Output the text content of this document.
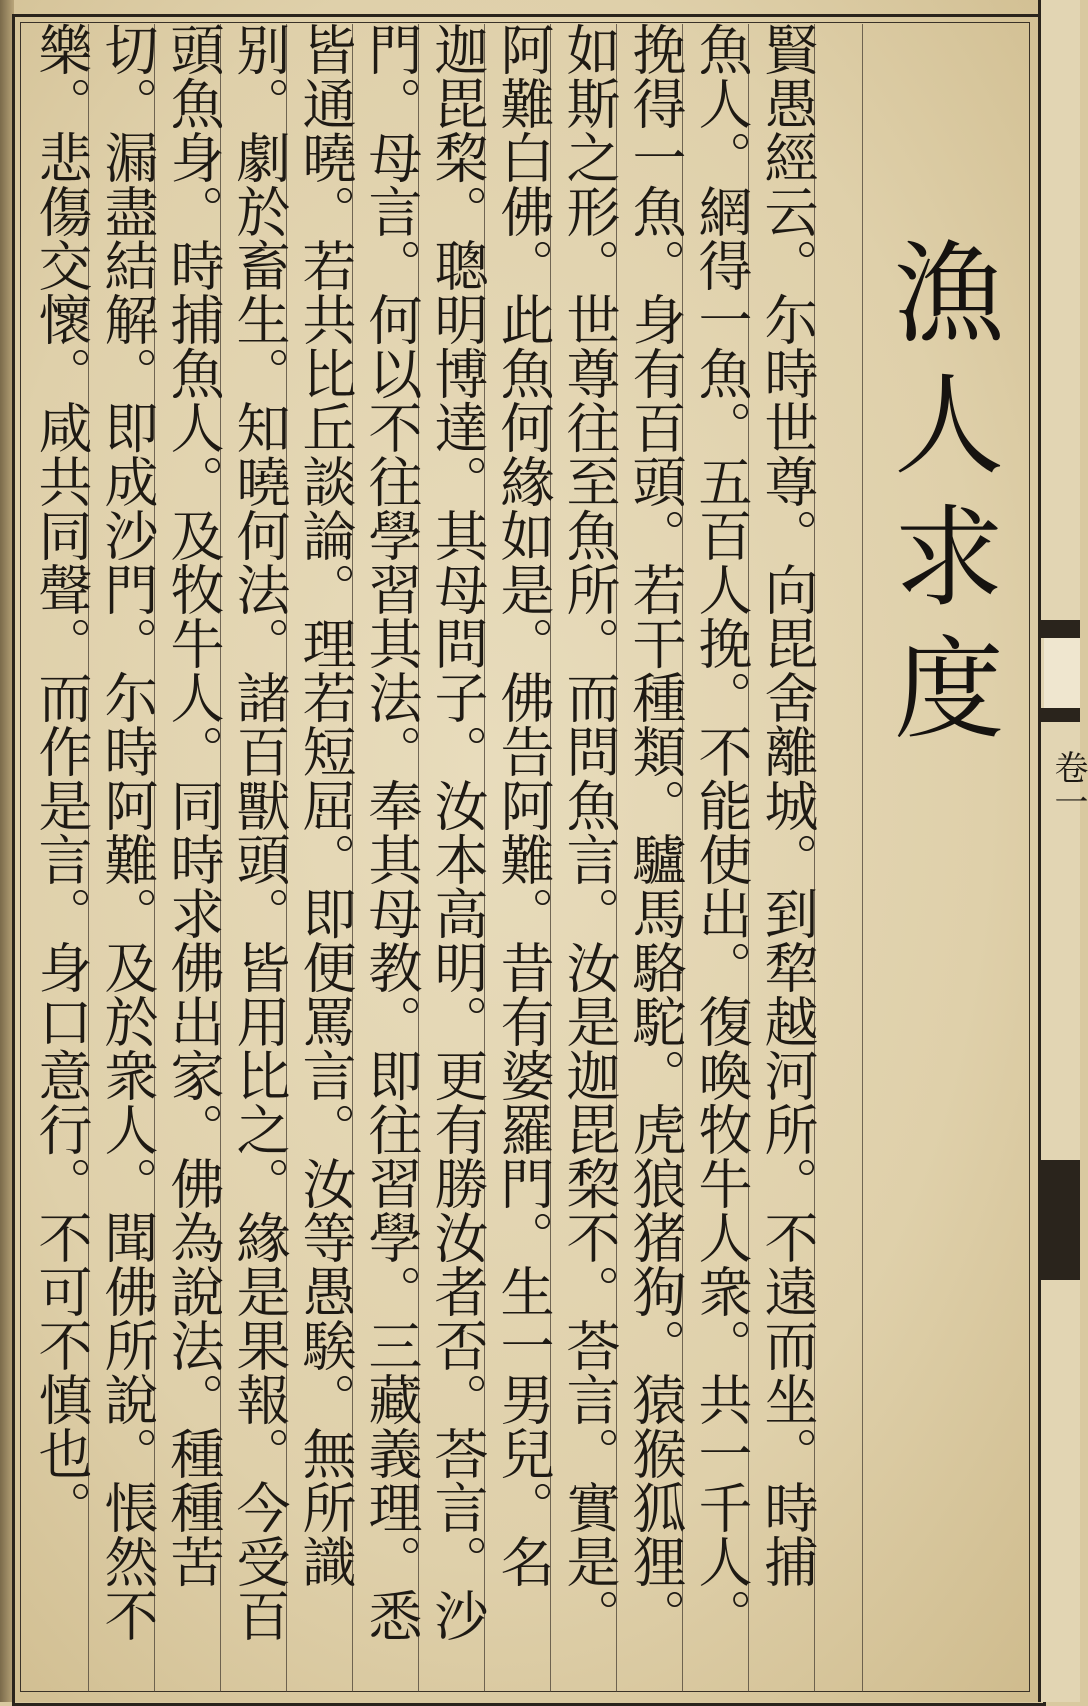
漁人求度
賢愚經云。尓時世尊。向毘舍離城。到犂越河所。不遠而坐。時捕
魚人。網得一魚。五百人挽。不能使出。復喚牧牛人衆。共一千人。
挽得一魚。身有百頭。若干種類。驢馬駱駝。虎狼猪狗。猿猴狐狸。
如斯之形。世尊往至魚所。而問魚言。汝是迦毘棃不。荅言。實是。
阿難白佛。此魚何緣如是。佛告阿難。昔有婆羅門。生一男兒。名
迦毘棃。聰明博達。其母問子。汝本高明。更有勝汝者否。荅言。沙
門。母言。何以不往學習其法。奉其母教。即往習學。三藏義理。悉
皆通曉。若共比丘談論。理若短屈。即便罵言。汝等愚騃。無所識
别。劇於畜生。知曉何法。諸百獸頭。皆用比之。緣是果報。今受百
頭魚身。時捕魚人。及牧牛人。同時求佛出家。佛為說法。種種苦
切。漏盡結解。即成沙門。尓時阿難。及於衆人。聞佛所說。悵然不
樂。悲傷交懷。咸共同聲。而作是言。身口意行。不可不慎也。	卷一
